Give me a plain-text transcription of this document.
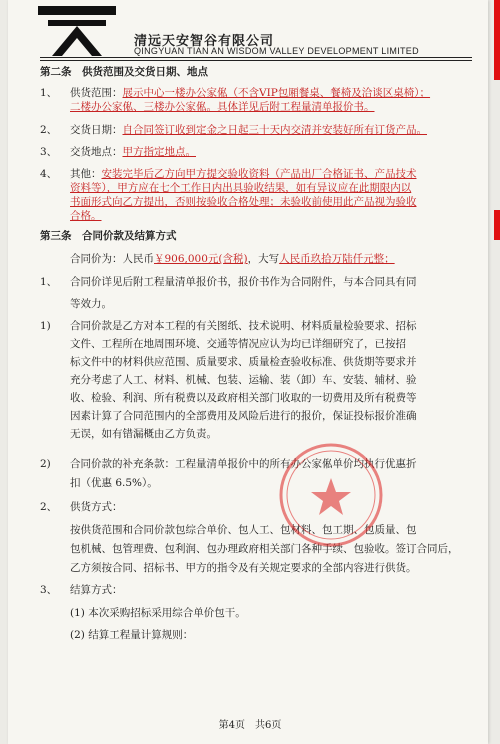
清远天安智谷有限公司
QINGYUAN TIAN AN WISDOM VALLEY DEVELOPMENT LIMITED
第二条　供货范围及交货日期、地点
1、 供货范围：展示中心一楼办公家俬（不含VIP包厢餐桌、餐椅及洽谈区桌椅）；
二楼办公家俬、三楼办公家俬。具体详见后附工程量清单报价书。
2、 交货日期：自合同签订收到定金之日起三十天内交清并安装好所有订货产品。
3、 交货地点：甲方指定地点。
4、 其他：安装完毕后乙方向甲方提交验收资料（产品出厂合格证书、产品技术
资料等），甲方应在七个工作日内出具验收结果，如有异议应在此期限内以
书面形式向乙方提出，否则按验收合格处理；未验收前使用此产品视为验收
合格。
第三条　合同价款及结算方式
合同价为：人民币￥906,000元(含税)，大写人民币玖拾万陆仟元整；
1、 合同价详见后附工程量清单报价书，报价书作为合同附件，与本合同具有同
等效力。
1) 合同价款是乙方对本工程的有关图纸、技术说明、材料质量检验要求、招标
文件、工程所在地周围环境、交通等情况应认为均已详细研究了，已按招
标文件中的材料供应范围、质量要求、质量检查验收标准、供货期等要求并
充分考虑了人工、材料、机械、包装、运输、装（卸）车、安装、辅材、验
收、检验、利润、所有税费以及政府相关部门收取的一切费用及所有税费等
因素计算了合同范围内的全部费用及风险后进行的报价，保证投标报价准确
无误，如有错漏概由乙方负责。
2) 合同价款的补充条款：工程量清单报价中的所有办公家俬单价均执行优惠折
扣（优惠 6.5%）。
2、 供货方式：
按供货范围和合同价款包综合单价、包人工、包材料、包工期、包质量、包
包机械、包管理费、包利润、包办理政府相关部门各种手续、包验收。签订合同后，
乙方须按合同、招标书、甲方的指令及有关规定要求的全部内容进行供货。
3、 结算方式：
(1) 本次采购招标采用综合单价包干。
(2) 结算工程量计算规则：
第4页　共6页
